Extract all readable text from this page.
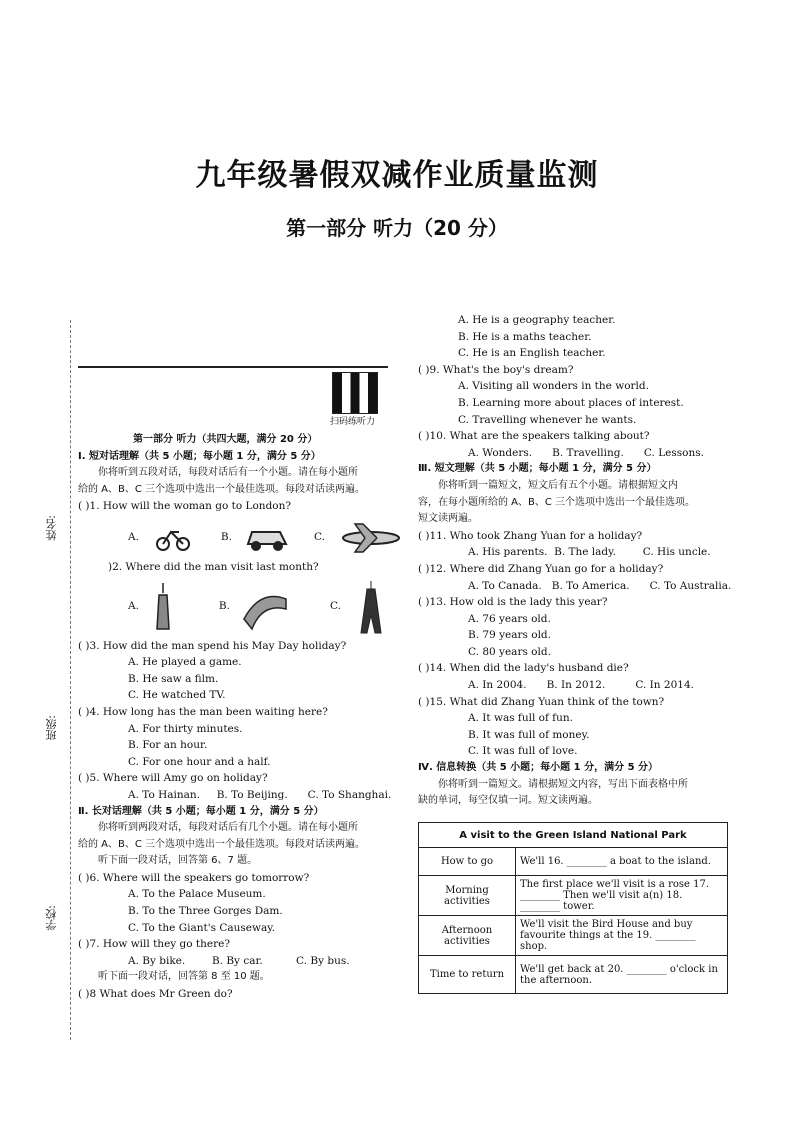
九年级暑假双减作业质量监测
第一部分 听力（20 分）
姓名:
班级:
学校:
扫码练听力

第一部分 听力（共四大题，满分 20 分）

Ⅰ. 短对话理解（共 5 小题；每小题 1 分，满分 5 分）

你将听到五段对话，每段对话后有一个小题。请在每小题所

给的 A、B、C 三个选项中选出一个最佳选项。每段对话读两遍。

( )1. How will the woman go to London?

A.	B.	C.

)2. Where did the man visit last month?

A.	B.	C.

( )3. How did the man spend his May Day holiday?

A. He played a game.

B. He saw a film.

C. He watched TV.

( )4. How long has the man been waiting here?

A. For thirty minutes.

B. For an hour.

C. For one hour and a half.

( )5. Where will Amy go on holiday?

A. To Hainan.     B. To Beijing.      C. To Shanghai.

Ⅱ. 长对话理解（共 5 小题；每小题 1 分，满分 5 分）

你将听到两段对话，每段对话后有几个小题。请在每小题所

给的 A、B、C 三个选项中选出一个最佳选项。每段对话读两遍。

听下面一段对话，回答第 6、7 题。

( )6. Where will the speakers go tomorrow?

A. To the Palace Museum.

B. To the Three Gorges Dam.

C. To the Giant's Causeway.

( )7. How will they go there?

A. By bike.        B. By car.          C. By bus.

听下面一段对话，回答第 8 至 10 题。

( )8 What does Mr Green do?

A. He is a geography teacher.

B. He is a maths teacher.

C. He is an English teacher.

( )9. What's the boy's dream?

A. Visiting all wonders in the world.

B. Learning more about places of interest.

C. Travelling whenever he wants.

( )10. What are the speakers talking about?

A. Wonders.      B. Travelling.      C. Lessons.

Ⅲ. 短文理解（共 5 小题；每小题 1 分，满分 5 分）

你将听到一篇短文，短文后有五个小题。请根据短文内

容，在每小题所给的 A、B、C 三个选项中选出一个最佳选项。

短文读两遍。

( )11. Who took Zhang Yuan for a holiday?

A. His parents.  B. The lady.        C. His uncle.

( )12. Where did Zhang Yuan go for a holiday?

A. To Canada.   B. To America.      C. To Australia.

( )13. How old is the lady this year?

A. 76 years old.

B. 79 years old.

C. 80 years old.

( )14. When did the lady's husband die?

A. In 2004.      B. In 2012.         C. In 2014.

( )15. What did Zhang Yuan think of the town?

A. It was full of fun.

B. It was full of money.

C. It was full of love.

Ⅳ. 信息转换（共 5 小题；每小题 1 分，满分 5 分）

你将听到一篇短文。请根据短文内容，写出下面表格中所

缺的单词，每空仅填一词。短文读两遍。

A visit to the Green Island National Park	
How to go	We'll 16. ________ a boat to the island.
Morning activities	The first place we'll visit is a rose 17. ________ Then we'll visit a(n) 18. ________ tower.
Afternoon activities	We'll visit the Bird House and buy favourite things at the 19. ________ shop.
Time to return	We'll get back at 20. ________ o'clock in the afternoon.
